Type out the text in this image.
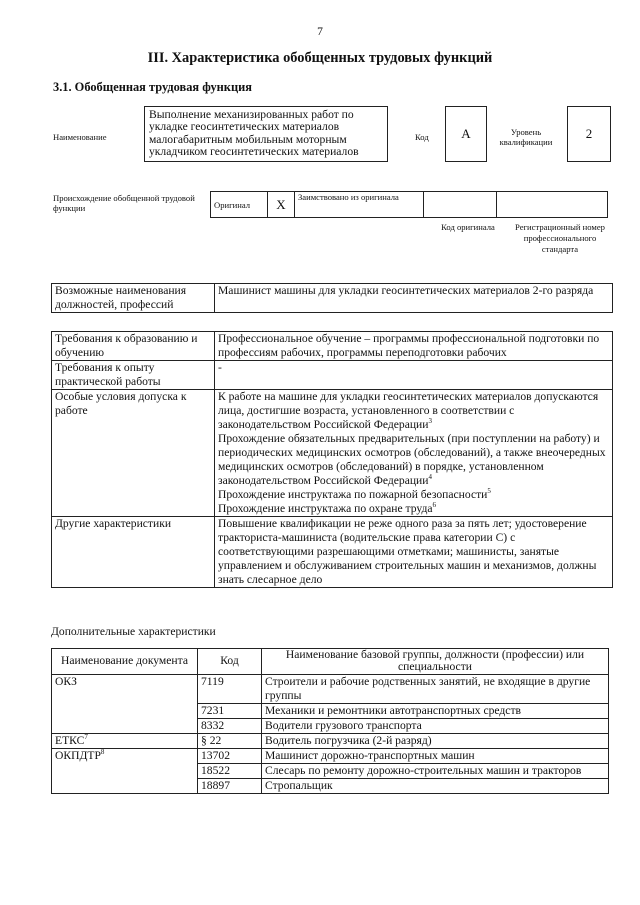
7
III. Характеристика обобщенных трудовых функций
3.1. Обобщенная трудовая функция
Наименование
Выполнение механизированных работ по укладке геосинтетических материалов малогабаритным мобильным моторным укладчиком геосинтетических материалов
Код	A	Уровень квалификации
2
Происхождение обобщенной трудовой функции	Оригинал	X	Заимствовано из оригинала		
Код оригинала	Регистрационный номер профессионального стандарта
Возможные наименования должностей, профессий	Машинист машины для укладки геосинтетических материалов 2-го разряда
Требования к образованию и обучению	Профессиональное обучение – программы профессиональной подготовки по профессиям рабочих, программы переподготовки рабочих

Требования к опыту практической работы	-

Особые условия допуска к работе	К работе на машине для укладки геосинтетических материалов допускаются лица, достигшие возраста, установленного в соответствии с законодательством Российской Федерации$^3$
Прохождение обязательных предварительных (при поступлении на работу) и периодических медицинских осмотров (обследований), а также внеочередных медицинских осмотров (обследований) в порядке, установленном законодательством Российской Федерации$^4$
Прохождение инструктажа по пожарной безопасности$^5$
Прохождение инструктажа по охране труда$^6$

Другие характеристики	Повышение квалификации не реже одного раза за пять лет; удостоверение тракториста-машиниста (водительские права категории С) с соответствующими разрешающими отметками; машинисты, занятые управлением и обслуживанием строительных машин и механизмов, должны знать слесарное дело
Дополнительные характеристики
Наименование документа	Код	Наименование базовой группы, должности (профессии) или специальности
ОКЗ	7119	Строители и рабочие родственных занятий, не входящие в другие группы
	7231	Механики и ремонтники автотранспортных средств
	8332	Водители грузового транспорта
ЕТКС$^7$	§ 22	Водитель погрузчика (2-й разряд)
ОКПДТР$^8$	13702	Машинист дорожно-транспортных машин
	18522	Слесарь по ремонту дорожно-строительных машин и тракторов
	18897	Стропальщик
